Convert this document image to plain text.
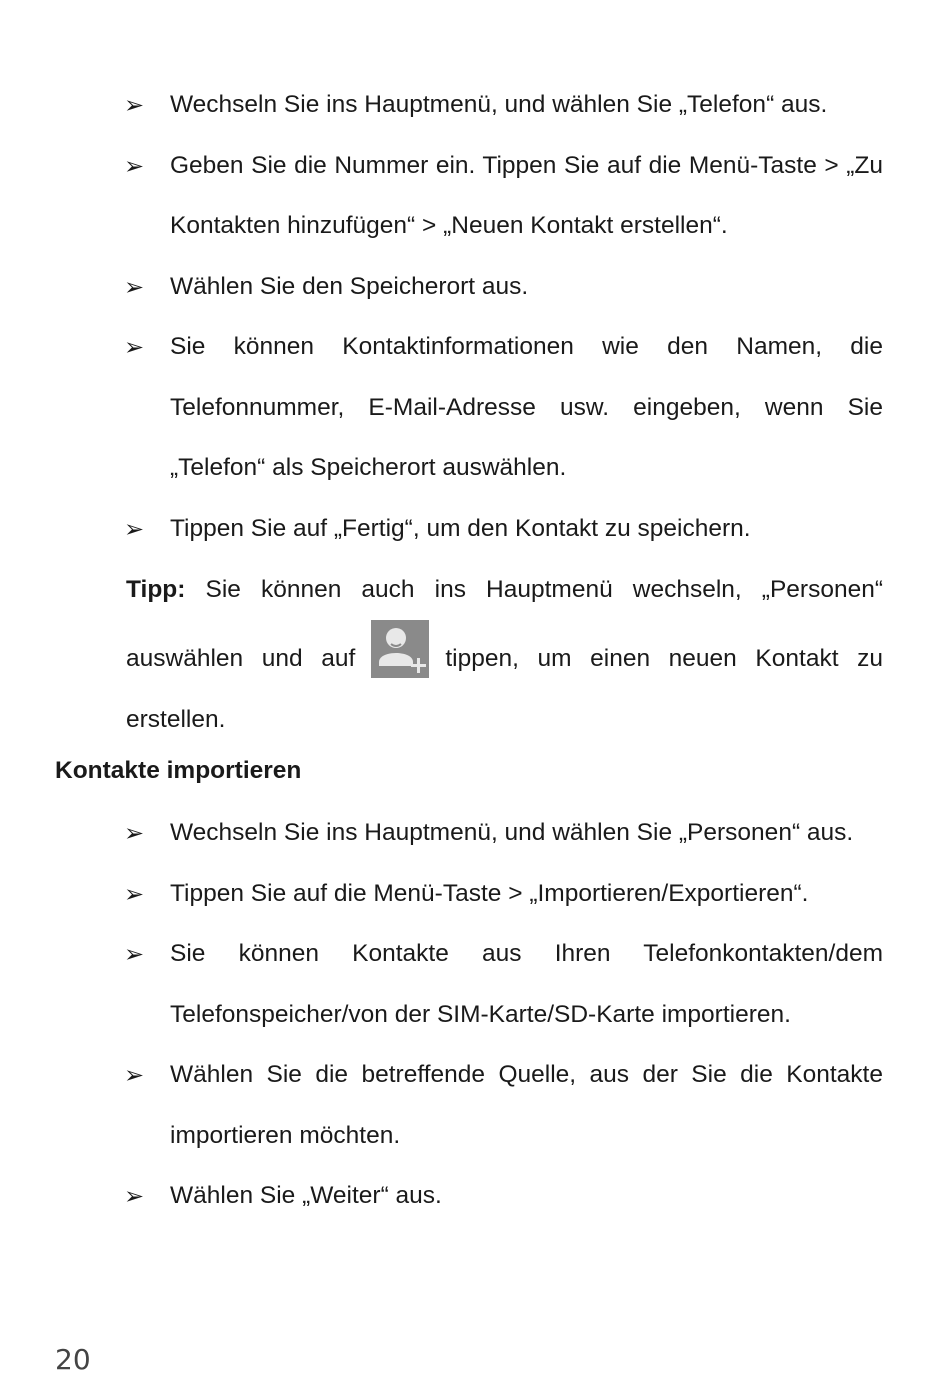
➢ Wechseln Sie ins Hauptmenü, und wählen Sie „Telefon“ aus.
➢ Geben Sie die Nummer ein. Tippen Sie auf die Menü-Taste > „Zu Kontakten hinzufügen“ > „Neuen Kontakt erstellen“.
➢ Wählen Sie den Speicherort aus.
➢ Sie können Kontaktinformationen wie den Namen, die Telefonnummer, E-Mail-Adresse usw. eingeben, wenn Sie „Telefon“ als Speicherort auswählen.
➢ Tippen Sie auf „Fertig“, um den Kontakt zu speichern.

Tipp: Sie können auch ins Hauptmenü wechseln, „Personen“ auswählen und auf	tippen, um einen neuen Kontakt zu erstellen.

Kontakte importieren
➢ Wechseln Sie ins Hauptmenü, und wählen Sie „Personen“ aus.
➢ Tippen Sie auf die Menü-Taste > „Importieren/Exportieren“.
➢ Sie können Kontakte aus Ihren Telefonkontakten/dem Telefonspeicher/von der SIM-Karte/SD-Karte importieren.
➢ Wählen Sie die betreffende Quelle, aus der Sie die Kontakte importieren möchten.
➢ Wählen Sie „Weiter“ aus.
20
